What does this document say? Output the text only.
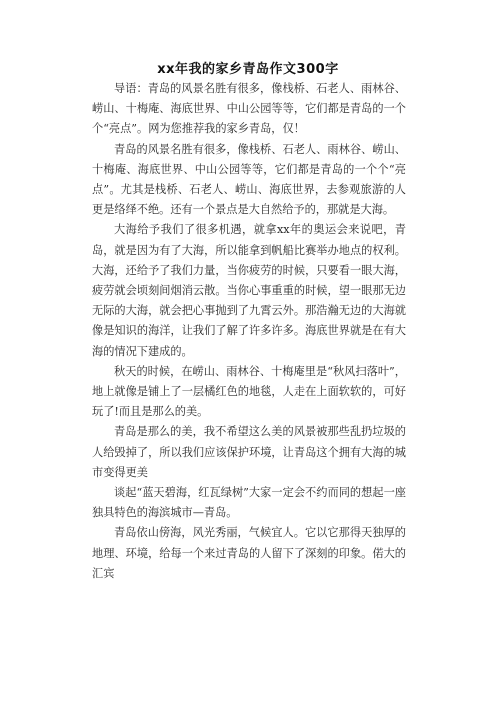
xx年我的家乡青岛作文300字

导语：青岛的风景名胜有很多，像栈桥、石老人、雨林谷、崂山、十梅庵、海底世界、中山公园等等，它们都是青岛的一个个“亮点”。网为您推荐我的家乡青岛，仅！

青岛的风景名胜有很多，像栈桥、石老人、雨林谷、崂山、十梅庵、海底世界、中山公园等等，它们都是青岛的一个个“亮点”。尤其是栈桥、石老人、崂山、海底世界，去参观旅游的人更是络绎不绝。还有一个景点是大自然给予的，那就是大海。

大海给予我们了很多机遇，就拿xx年的奥运会来说吧，青岛，就是因为有了大海，所以能拿到帆船比赛举办地点的权利。大海，还给予了我们力量，当你疲劳的时候，只要看一眼大海，疲劳就会顷刻间烟消云散。当你心事重重的时候，望一眼那无边无际的大海，就会把心事抛到了九霄云外。那浩瀚无边的大海就像是知识的海洋，让我们了解了许多许多。海底世界就是在有大海的情况下建成的。

秋天的时候，在崂山、雨林谷、十梅庵里是“秋风扫落叶”，地上就像是铺上了一层橘红色的地毯，人走在上面软软的，可好玩了!而且是那么的美。

青岛是那么的美，我不希望这么美的风景被那些乱扔垃圾的人给毁掉了，所以我们应该保护环境，让青岛这个拥有大海的城市变得更美

谈起“蓝天碧海，红瓦绿树”大家一定会不约而同的想起一座独具特色的海滨城市—青岛。

青岛依山傍海，风光秀丽，气候宜人。它以它那得天独厚的地理、环境，给每一个来过青岛的人留下了深刻的印象。偌大的汇宾
